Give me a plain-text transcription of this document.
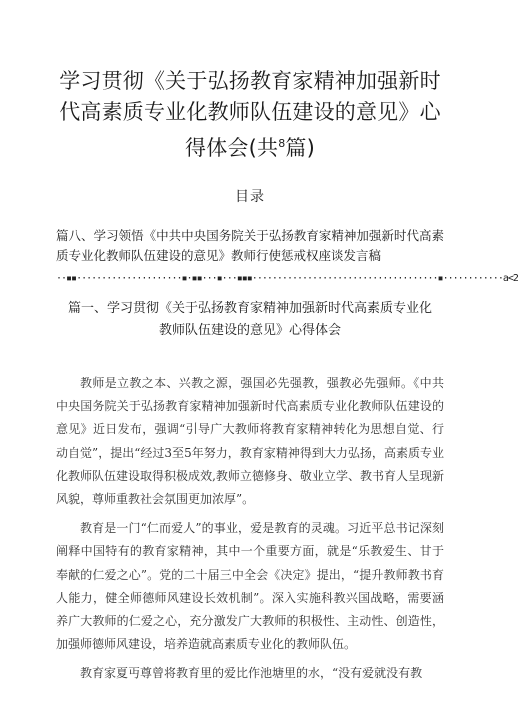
学习贯彻《关于弘扬教育家精神加强新时代高素质专业化教师队伍建设的意见》心得体会(共$^8$篇)
目录
篇八、学习领悟《中共中央国务院关于弘扬教育家精神加强新时代高素质专业化教师队伍建设的意见》教师行使惩戒权座谈发言稿
··▪▪·····················▪·▪▪···▪···▪▪▪·····································▪············a<2
篇一、学习贯彻《关于弘扬教育家精神加强新时代高素质专业化
教师队伍建设的意见》心得体会

教师是立教之本、兴教之源，强国必先强教，强教必先强师。《中共中央国务院关于弘扬教育家精神加强新时代高素质专业化教师队伍建设的意见》近日发布，强调“引导广大教师将教育家精神转化为思想自觉、行动自觉”，提出“经过3至5年努力，教育家精神得到大力弘扬，高素质专业化教师队伍建设取得积极成效,教师立德修身、敬业立学、教书育人呈现新风貌，尊师重教社会氛围更加浓厚”。

教育是一门“仁而爱人”的事业，爱是教育的灵魂。习近平总书记深刻阐释中国特有的教育家精神，其中一个重要方面，就是“乐教爱生、甘于奉献的仁爱之心”。党的二十届三中全会《决定》提出，“提升教师教书育人能力，健全师德师风建设长效机制”。深入实施科教兴国战略，需要涵养广大教师的仁爱之心，充分激发广大教师的积极性、主动性、创造性，加强师德师风建设，培养造就高素质专业化的教师队伍。

教育家夏丏尊曾将教育里的爱比作池塘里的水，“没有爱就没有教
